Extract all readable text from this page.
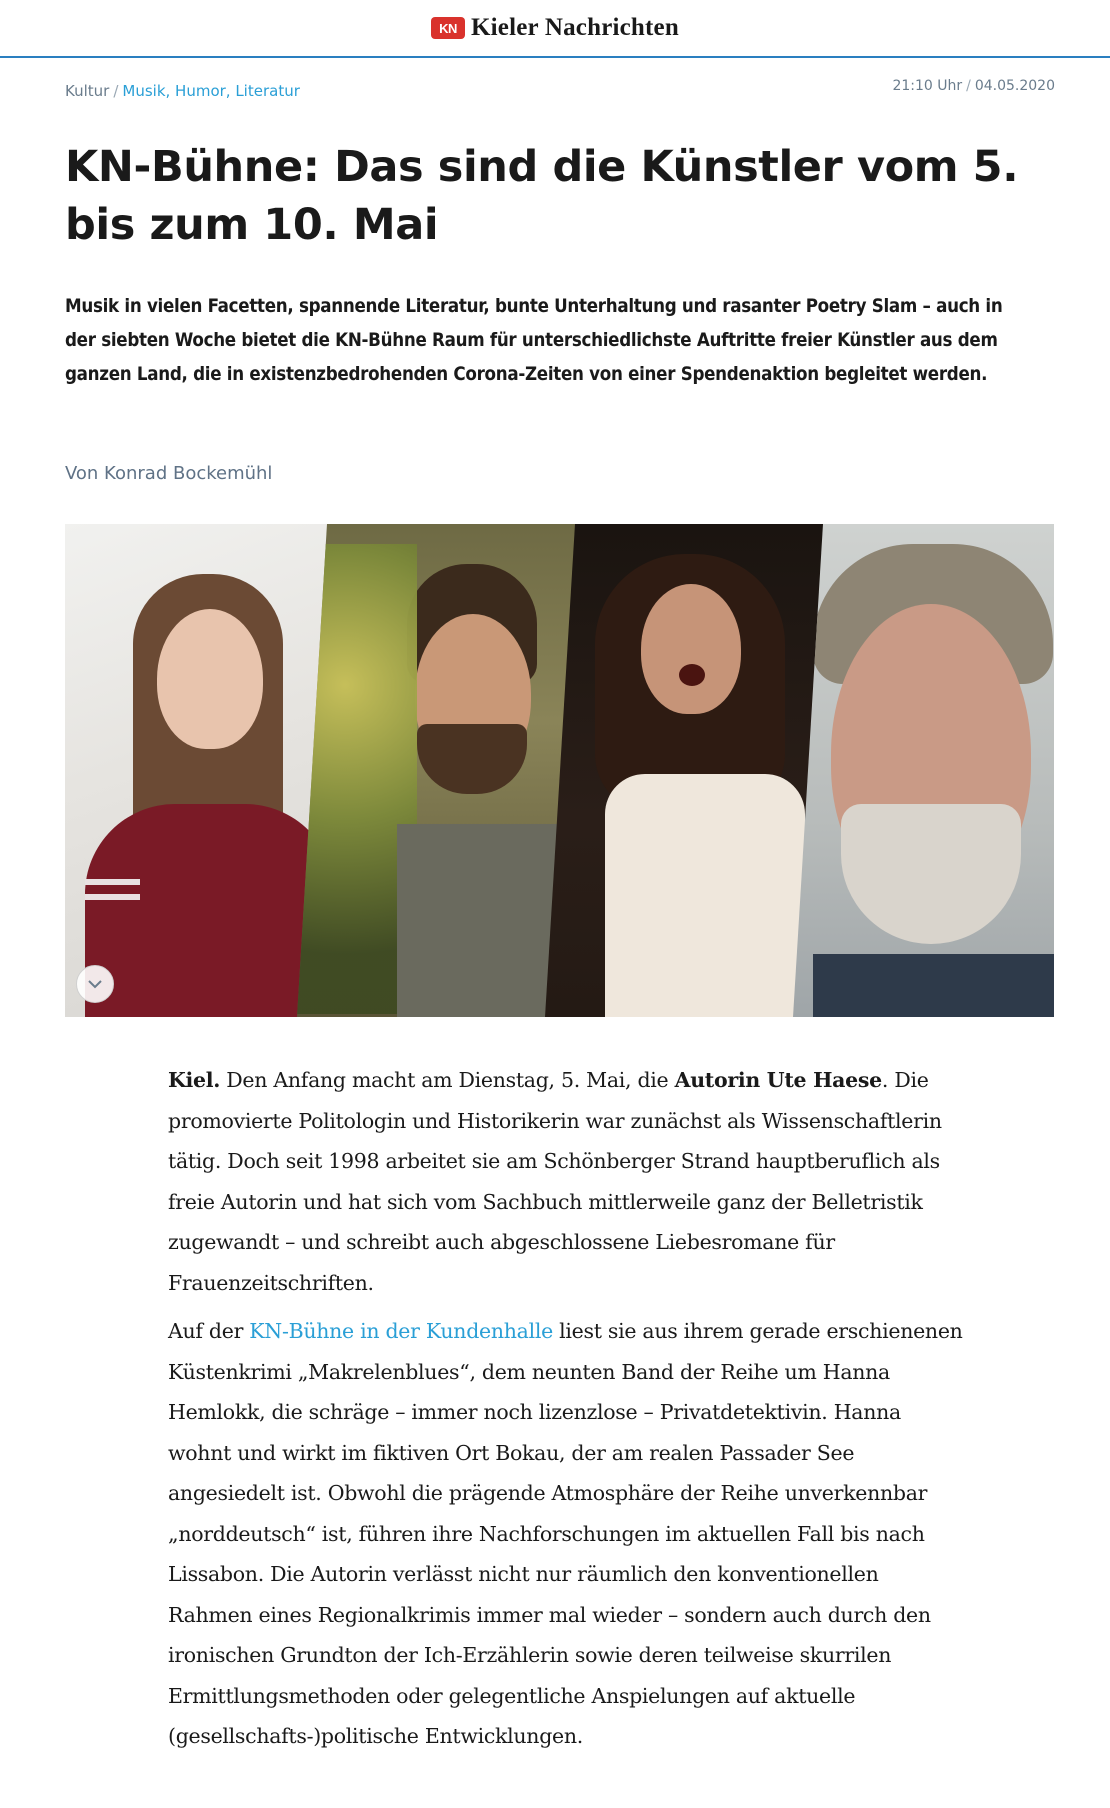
KN Kieler Nachrichten
Kultur / Musik, Humor, Literatur	21:10 Uhr / 04.05.2020
KN-Bühne: Das sind die Künstler vom 5. bis zum 10. Mai

Musik in vielen Facetten, spannende Literatur, bunte Unterhaltung und rasanter Poetry Slam – auch in der siebten Woche bietet die KN-Bühne Raum für unterschiedlichste Auftritte freier Künstler aus dem ganzen Land, die in existenzbedrohenden Corona-Zeiten von einer Spendenaktion begleitet werden.

Von Konrad Bockemühl

Kiel. Den Anfang macht am Dienstag, 5. Mai, die Autorin Ute Haese. Die promovierte Politologin und Historikerin war zunächst als Wissenschaftlerin tätig. Doch seit 1998 arbeitet sie am Schönberger Strand hauptberuflich als freie Autorin und hat sich vom Sachbuch mittlerweile ganz der Belletristik zugewandt – und schreibt auch abgeschlossene Liebesromane für Frauenzeitschriften.

Auf der KN-Bühne in der Kundenhalle liest sie aus ihrem gerade erschienenen Küstenkrimi „Makrelenblues“, dem neunten Band der Reihe um Hanna Hemlokk, die schräge – immer noch lizenzlose – Privatdetektivin. Hanna wohnt und wirkt im fiktiven Ort Bokau, der am realen Passader See angesiedelt ist. Obwohl die prägende Atmosphäre der Reihe unverkennbar „norddeutsch“ ist, führen ihre Nachforschungen im aktuellen Fall bis nach Lissabon. Die Autorin verlässt nicht nur räumlich den konventionellen Rahmen eines Regionalkrimis immer mal wieder – sondern auch durch den ironischen Grundton der Ich-Erzählerin sowie deren teilweise skurrilen Ermittlungsmethoden oder gelegentliche Anspielungen auf aktuelle (gesellschafts-)politische Entwicklungen.
